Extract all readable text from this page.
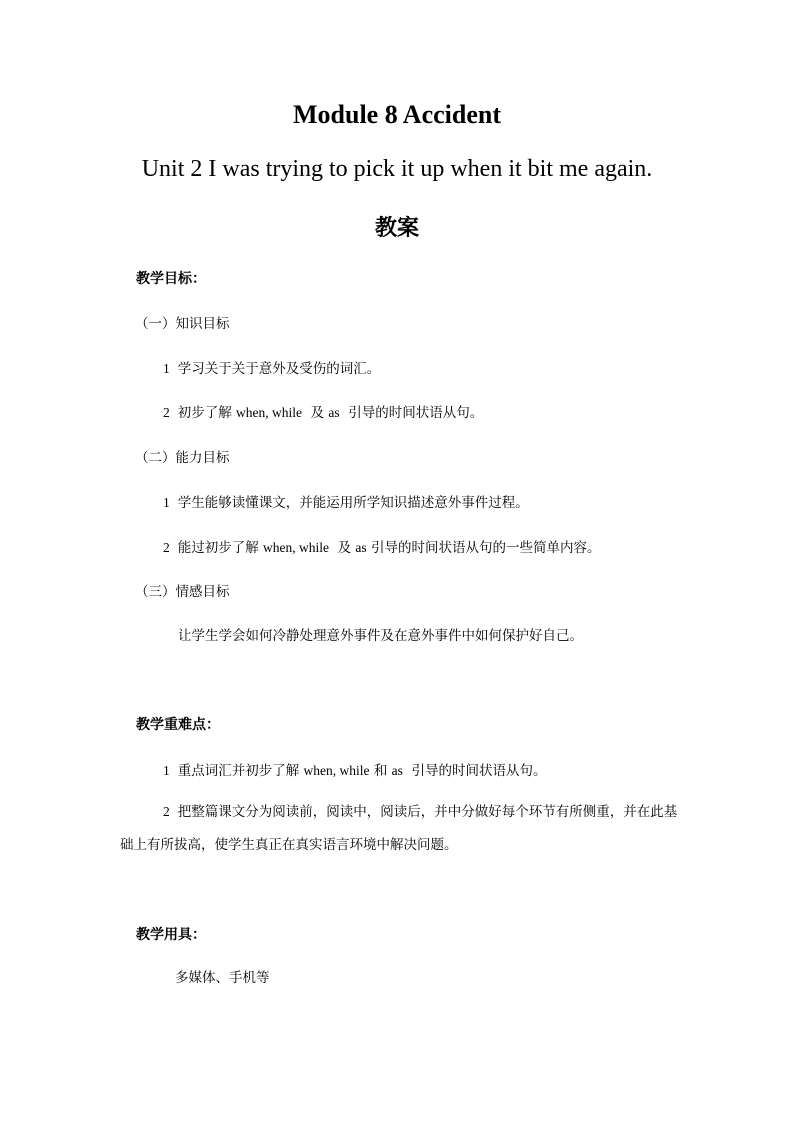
Module 8 Accident
Unit 2 I was trying to pick it up when it bit me again.
教案
教学目标：
（一）知识目标
1 学习关于关于意外及受伤的词汇。
2 初步了解 when, while  及 as  引导的时间状语从句。
（二）能力目标
1 学生能够读懂课文，并能运用所学知识描述意外事件过程。
2 能过初步了解 when, while  及 as 引导的时间状语从句的一些简单内容。
（三）情感目标
让学生学会如何冷静处理意外事件及在意外事件中如何保护好自己。
教学重难点：
1 重点词汇并初步了解 when, while 和 as  引导的时间状语从句。
2 把整篇课文分为阅读前，阅读中，阅读后，并中分做好每个环节有所侧重，并在此基础上有所拔高，使学生真正在真实语言环境中解决问题。
教学用具：
多媒体、手机等
